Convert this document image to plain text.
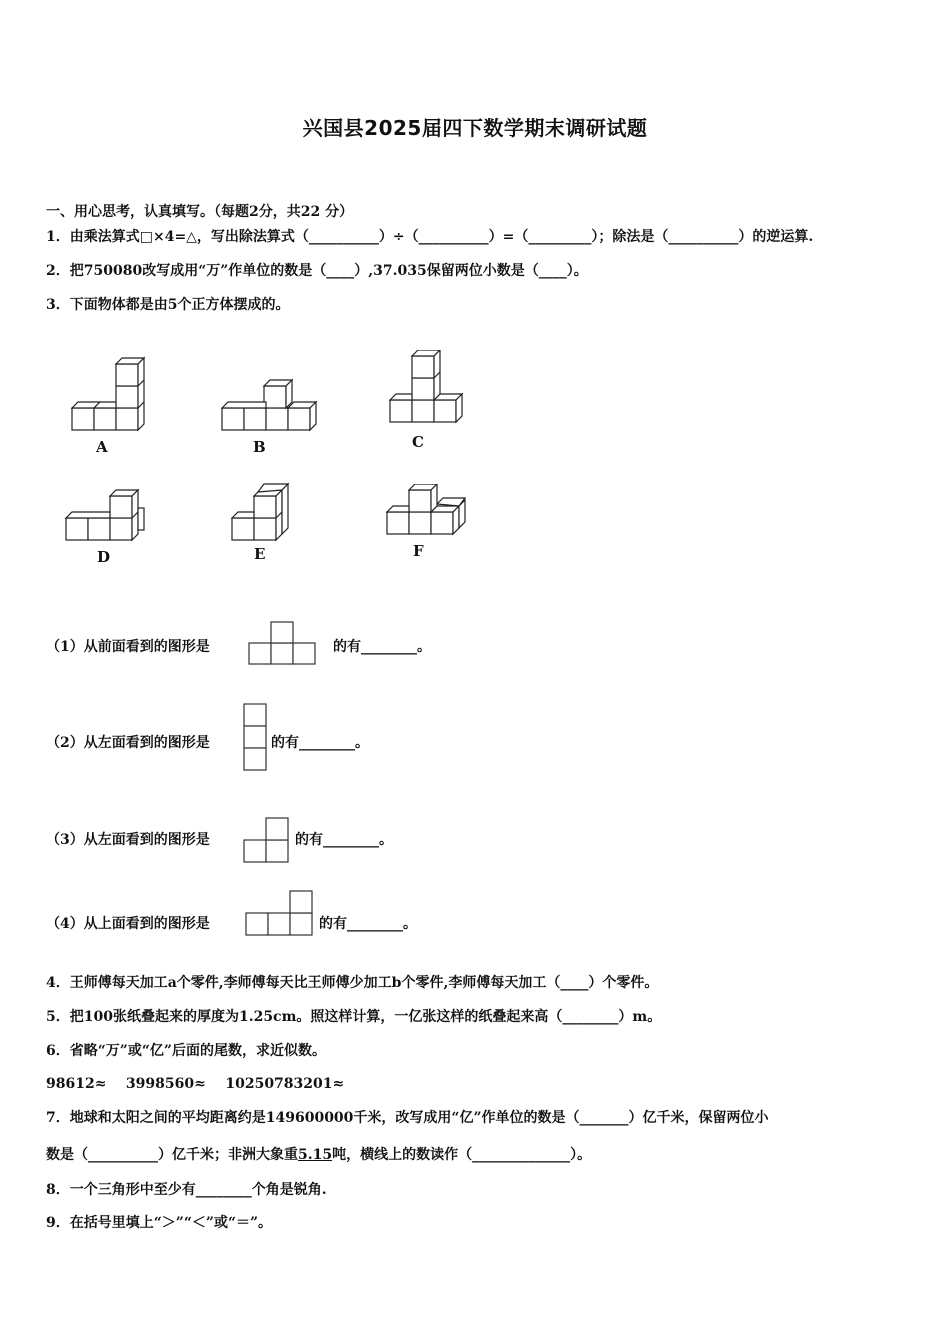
兴国县2025届四下数学期末调研试题
一、用心思考，认真填写。（每题2分，共22 分）
1．由乘法算式□×4=△，写出除法算式（__________）÷（__________）=（_________）；除法是（__________）的逆运算.
2．把750080改写成用“万”作单位的数是（____）,37.035保留两位小数是（____）。
3．下面物体都是由5个正方体摆成的。
A	B	C
D	E	F
（1）从前面看到的图形是	的有________。
（2）从左面看到的图形是	的有________。
（3）从左面看到的图形是	的有________。
（4）从上面看到的图形是	的有________。
4．王师傅每天加工a个零件,李师傅每天比王师傅少加工b个零件,李师傅每天加工（____）个零件。
5．把100张纸叠起来的厚度为1.25cm。照这样计算，一亿张这样的纸叠起来高（________）m。
6．省略“万”或“亿”后面的尾数，求近似数。
98612≈    3998560≈    10250783201≈
7．地球和太阳之间的平均距离约是149600000千米，改写成用“亿”作单位的数是（_______）亿千米，保留两位小
数是（__________）亿千米；非洲大象重5.15吨，横线上的数读作（______________）。
8．一个三角形中至少有________个角是锐角.
9．在括号里填上“＞”“＜”或“＝”。
